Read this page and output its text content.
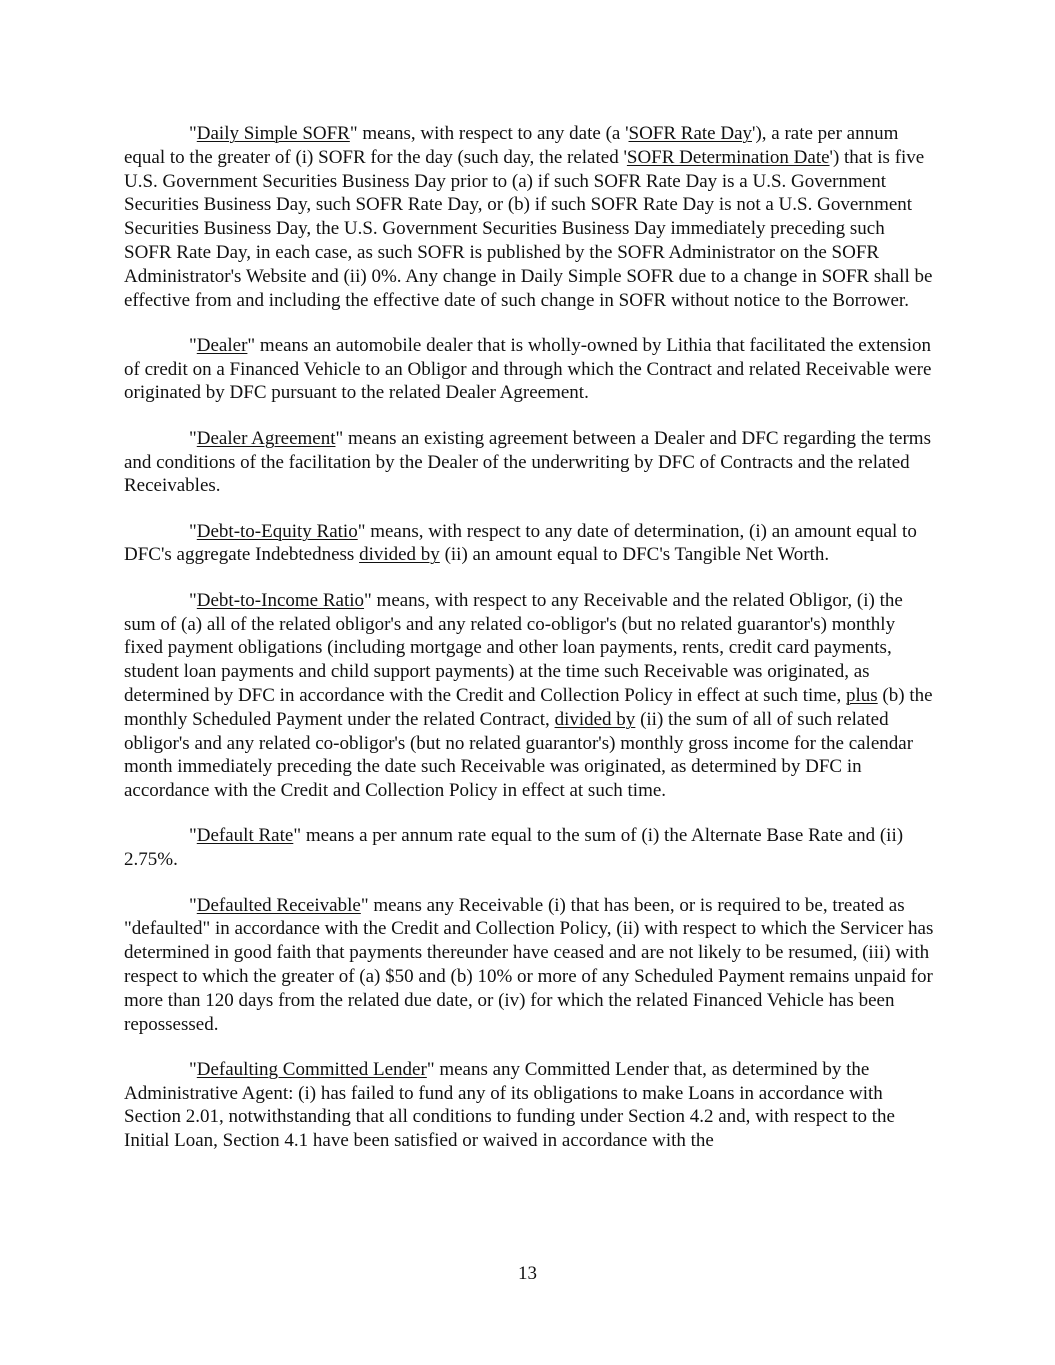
"Daily Simple SOFR" means, with respect to any date (a 'SOFR Rate Day'), a rate per annum equal to the greater of (i) SOFR for the day (such day, the related 'SOFR Determination Date') that is five U.S. Government Securities Business Day prior to (a) if such SOFR Rate Day is a U.S. Government Securities Business Day, such SOFR Rate Day, or (b) if such SOFR Rate Day is not a U.S. Government Securities Business Day, the U.S. Government Securities Business Day immediately preceding such SOFR Rate Day, in each case, as such SOFR is published by the SOFR Administrator on the SOFR Administrator's Website and (ii) 0%. Any change in Daily Simple SOFR due to a change in SOFR shall be effective from and including the effective date of such change in SOFR without notice to the Borrower.

"Dealer" means an automobile dealer that is wholly-owned by Lithia that facilitated the extension of credit on a Financed Vehicle to an Obligor and through which the Contract and related Receivable were originated by DFC pursuant to the related Dealer Agreement.

"Dealer Agreement" means an existing agreement between a Dealer and DFC regarding the terms and conditions of the facilitation by the Dealer of the underwriting by DFC of Contracts and the related Receivables.

"Debt-to-Equity Ratio" means, with respect to any date of determination, (i) an amount equal to DFC's aggregate Indebtedness divided by (ii) an amount equal to DFC's Tangible Net Worth.

"Debt-to-Income Ratio" means, with respect to any Receivable and the related Obligor, (i) the sum of (a) all of the related obligor's and any related co-obligor's (but no related guarantor's) monthly fixed payment obligations (including mortgage and other loan payments, rents, credit card payments, student loan payments and child support payments) at the time such Receivable was originated, as determined by DFC in accordance with the Credit and Collection Policy in effect at such time, plus (b) the monthly Scheduled Payment under the related Contract, divided by (ii) the sum of all of such related obligor's and any related co-obligor's (but no related guarantor's) monthly gross income for the calendar month immediately preceding the date such Receivable was originated, as determined by DFC in accordance with the Credit and Collection Policy in effect at such time.

"Default Rate" means a per annum rate equal to the sum of (i) the Alternate Base Rate and (ii) 2.75%.

"Defaulted Receivable" means any Receivable (i) that has been, or is required to be, treated as "defaulted" in accordance with the Credit and Collection Policy, (ii) with respect to which the Servicer has determined in good faith that payments thereunder have ceased and are not likely to be resumed, (iii) with respect to which the greater of (a) $50 and (b) 10% or more of any Scheduled Payment remains unpaid for more than 120 days from the related due date, or (iv) for which the related Financed Vehicle has been repossessed.

"Defaulting Committed Lender" means any Committed Lender that, as determined by the Administrative Agent: (i) has failed to fund any of its obligations to make Loans in accordance with Section 2.01, notwithstanding that all conditions to funding under Section 4.2 and, with respect to the Initial Loan, Section 4.1 have been satisfied or waived in accordance with the

13
